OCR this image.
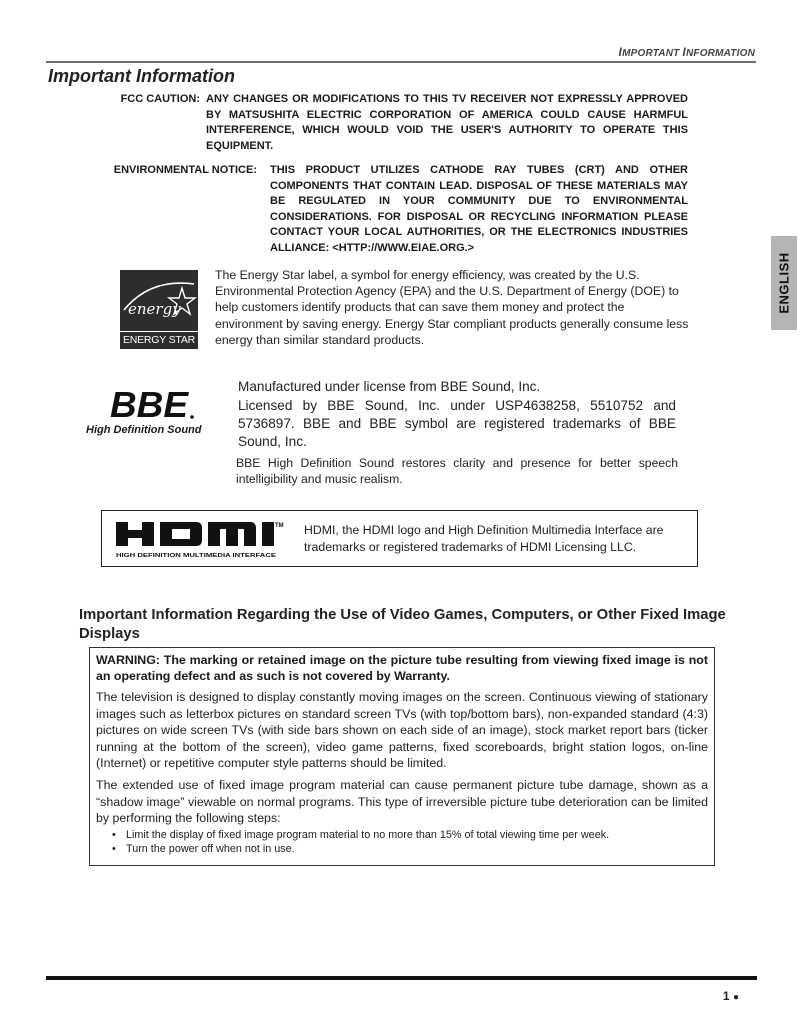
IMPORTANT INFORMATION
Important Information
FCC CAUTION: ANY CHANGES OR MODIFICATIONS TO THIS TV RECEIVER NOT EXPRESSLY APPROVED BY MATSUSHITA ELECTRIC CORPORATION OF AMERICA COULD CAUSE HARMFUL INTERFERENCE, WHICH WOULD VOID THE USER'S AUTHORITY TO OPERATE THIS EQUIPMENT.
ENVIRONMENTAL NOTICE: THIS PRODUCT UTILIZES CATHODE RAY TUBES (CRT) AND OTHER COMPONENTS THAT CONTAIN LEAD. DISPOSAL OF THESE MATERIALS MAY BE REGULATED IN YOUR COMMUNITY DUE TO ENVIRONMENTAL CONSIDERATIONS. FOR DISPOSAL OR RECYCLING INFORMATION PLEASE CONTACT YOUR LOCAL AUTHORITIES, OR THE ELECTRONICS INDUSTRIES ALLIANCE: <HTTP://WWW.EIAE.ORG.>
energy
ENERGY STAR
The Energy Star label, a symbol for energy efficiency, was created by the U.S. Environmental Protection Agency (EPA) and the U.S. Department of Energy (DOE) to help customers identify products that can save them money and protect the environment by saving energy. Energy Star compliant products generally consume less energy than similar standard products.
BBE
High Definition Sound
Manufactured under license from BBE Sound, Inc.
Licensed by BBE Sound, Inc. under USP4638258, 5510752 and 5736897. BBE and BBE symbol are registered trademarks of BBE Sound, Inc.
BBE High Definition Sound restores clarity and presence for better speech intelligibility and music realism.
TM
HIGH DEFINITION MULTIMEDIA INTERFACE
HDMI, the HDMI logo and High Definition Multimedia Interface are trademarks or registered trademarks of HDMI Licensing LLC.
Important Information Regarding the Use of Video Games, Computers, or Other Fixed Image Displays
WARNING: The marking or retained image on the picture tube resulting from viewing fixed image is not an operating defect and as such is not covered by Warranty.
The television is designed to display constantly moving images on the screen. Continuous viewing of stationary images such as letterbox pictures on standard screen TVs (with top/bottom bars), non-expanded standard (4:3) pictures on wide screen TVs (with side bars shown on each side of an image), stock market report bars (ticker running at the bottom of the screen), video game patterns, fixed scoreboards, bright station logos, on-line (Internet) or repetitive computer style patterns should be limited.
The extended use of fixed image program material can cause permanent picture tube damage, shown as a “shadow image” viewable on normal programs. This type of irreversible picture tube deterioration can be limited by performing the following steps:
• Limit the display of fixed image program material to no more than 15% of total viewing time per week.
• Turn the power off when not in use.
ENGLISH
1 ●
